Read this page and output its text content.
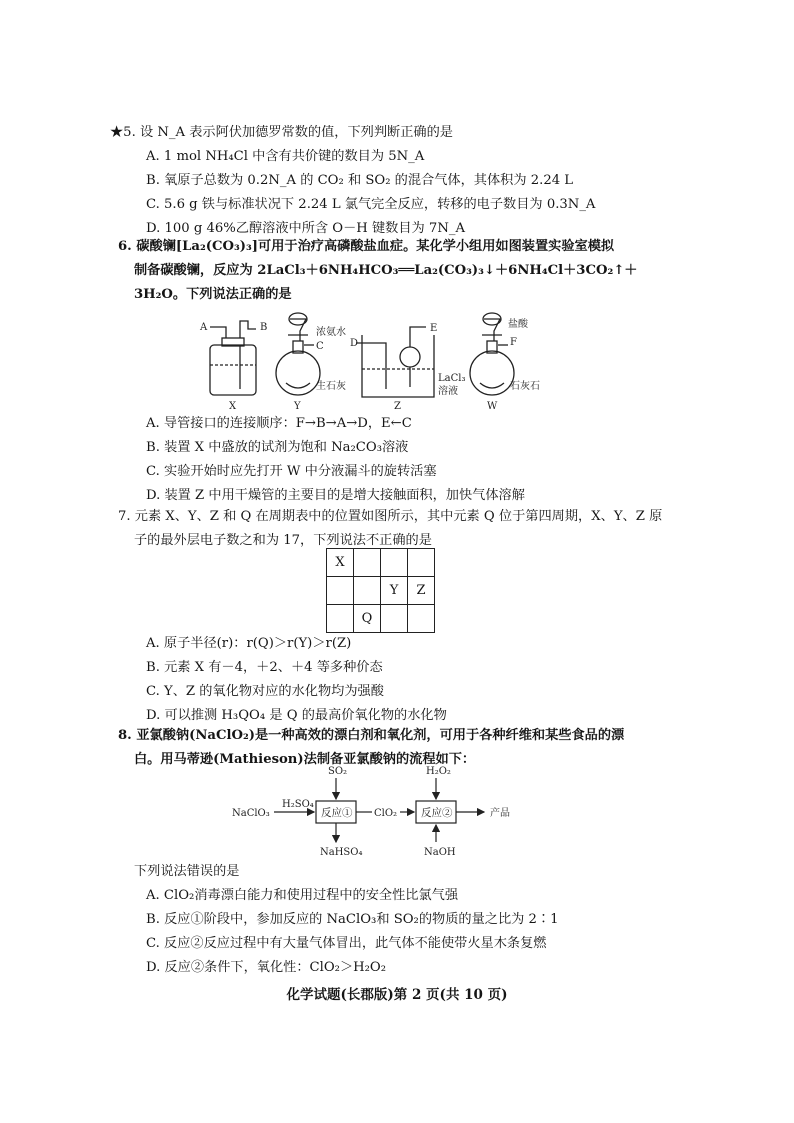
★5. 设 N_A 表示阿伏加德罗常数的值，下列判断正确的是
A. 1 mol NH₄Cl 中含有共价键的数目为 5N_A
B. 氧原子总数为 0.2N_A 的 CO₂ 和 SO₂ 的混合气体，其体积为 2.24 L
C. 5.6 g 铁与标准状况下 2.24 L 氯气完全反应，转移的电子数目为 0.3N_A
D. 100 g 46%乙醇溶液中所含 O－H 键数目为 7N_A
6. 碳酸镧[La₂(CO₃)₃]可用于治疗高磷酸盐血症。某化学小组用如图装置实验室模拟
制备碳酸镧，反应为 2LaCl₃＋6NH₄HCO₃══La₂(CO₃)₃↓＋6NH₄Cl＋3CO₂↑＋
3H₂O。下列说法正确的是
A	B	浓氨水
C
生石灰
D
E
LaCl₃
溶液
盐酸
F
石灰石
X	Y	Z	W
A. 导管接口的连接顺序：F→B→A→D，E←C
B. 装置 X 中盛放的试剂为饱和 Na₂CO₃溶液
C. 实验开始时应先打开 W 中分液漏斗的旋转活塞
D. 装置 Z 中用干燥管的主要目的是增大接触面积，加快气体溶解
7. 元素 X、Y、Z 和 Q 在周期表中的位置如图所示，其中元素 Q 位于第四周期，X、Y、Z 原
子的最外层电子数之和为 17，下列说法不正确的是
X			
		Y	Z
	Q		
A. 原子半径(r)：r(Q)＞r(Y)＞r(Z)
B. 元素 X 有－4，＋2、＋4 等多种价态
C. Y、Z 的氧化物对应的水化物均为强酸
D. 可以推测 H₃QO₄ 是 Q 的最高价氧化物的水化物
8. 亚氯酸钠(NaClO₂)是一种高效的漂白剂和氧化剂，可用于各种纤维和某些食品的漂
白。用马蒂逊(Mathieson)法制备亚氯酸钠的流程如下：
NaClO₃
H₂SO₄
反应①
SO₂
NaHSO₄
ClO₂ 反应②
H₂O₂
NaOH
产品
下列说法错误的是
A. ClO₂消毒漂白能力和使用过程中的安全性比氯气强
B. 反应①阶段中，参加反应的 NaClO₃和 SO₂的物质的量之比为 2∶1
C. 反应②反应过程中有大量气体冒出，此气体不能使带火星木条复燃
D. 反应②条件下，氧化性：ClO₂＞H₂O₂
化学试题(长郡版)第 2 页(共 10 页)
